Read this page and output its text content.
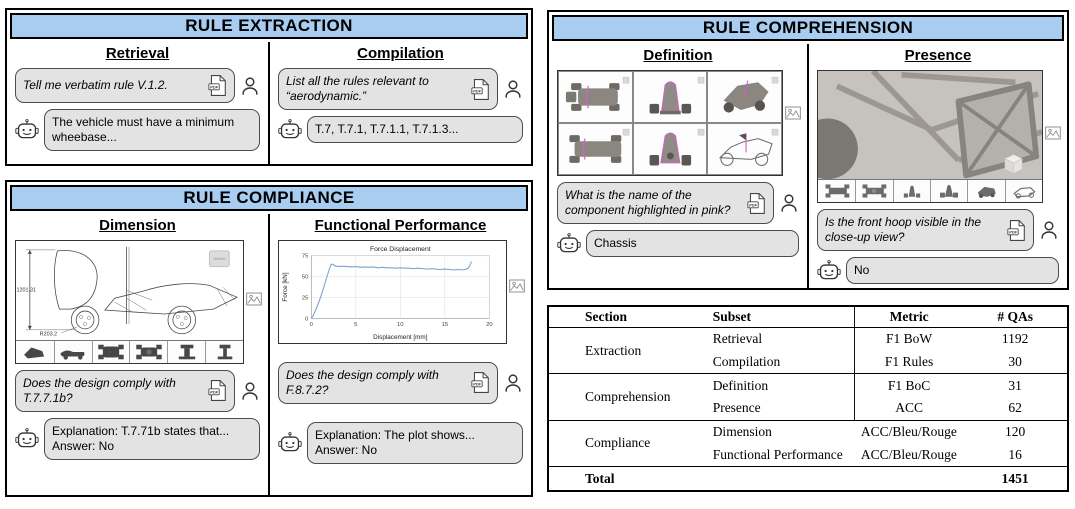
RULE EXTRACTION
Retrieval
Tell me verbatim rule V.1.2.	PDF
The vehicle must have a minimum wheebase...
Compilation
List all the rules relevant to “aerodynamic.”	PDF
T.7, T.7.1, T.7.1.1, T.7.1.3...
RULE COMPLIANCE
Dimension
1201.31
R203.2
Does the design comply with T.7.7.1b?	PDF
Explanation: T.7.71b states that...
Answer: No
Functional Performance
Force Displacement
Displacement [mm]
Force [kN]
0	5	10	15	20
0
25
50
75
Does the design comply with F.8.7.2?	PDF
Explanation: The plot shows...
Answer: No
RULE COMPREHENSION
Definition
What is the name of the component highlighted in pink?	PDF
Chassis
Presence
Is the front hoop visible in the close-up view?	PDF
No
Section	Subset	Metric	# QAs
Extraction	Retrieval	F1 BoW	1192
	Compilation	F1 Rules	30
Comprehension	Definition	F1 BoC	31
	Presence	ACC	62
Compliance	Dimension	ACC/Bleu/Rouge	120
	Functional Performance	ACC/Bleu/Rouge	16
Total			1451
